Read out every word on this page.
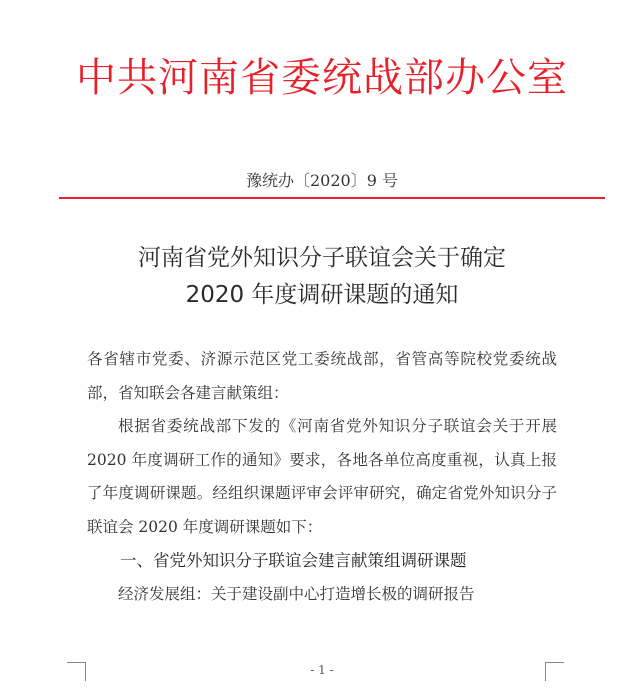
中共河南省委统战部办公室
豫统办〔2020〕9 号
河南省党外知识分子联谊会关于确定
2020 年度调研课题的通知

各省辖市党委、济源示范区党工委统战部，省管高等院校党委统战部，省知联会各建言献策组：

根据省委统战部下发的《河南省党外知识分子联谊会关于开展 2020 年度调研工作的通知》要求，各地各单位高度重视，认真上报了年度调研课题。经组织课题评审会评审研究，确定省党外知识分子联谊会 2020 年度调研课题如下：

一、省党外知识分子联谊会建言献策组调研课题

经济发展组：关于建设副中心打造增长极的调研报告

- 1 -
